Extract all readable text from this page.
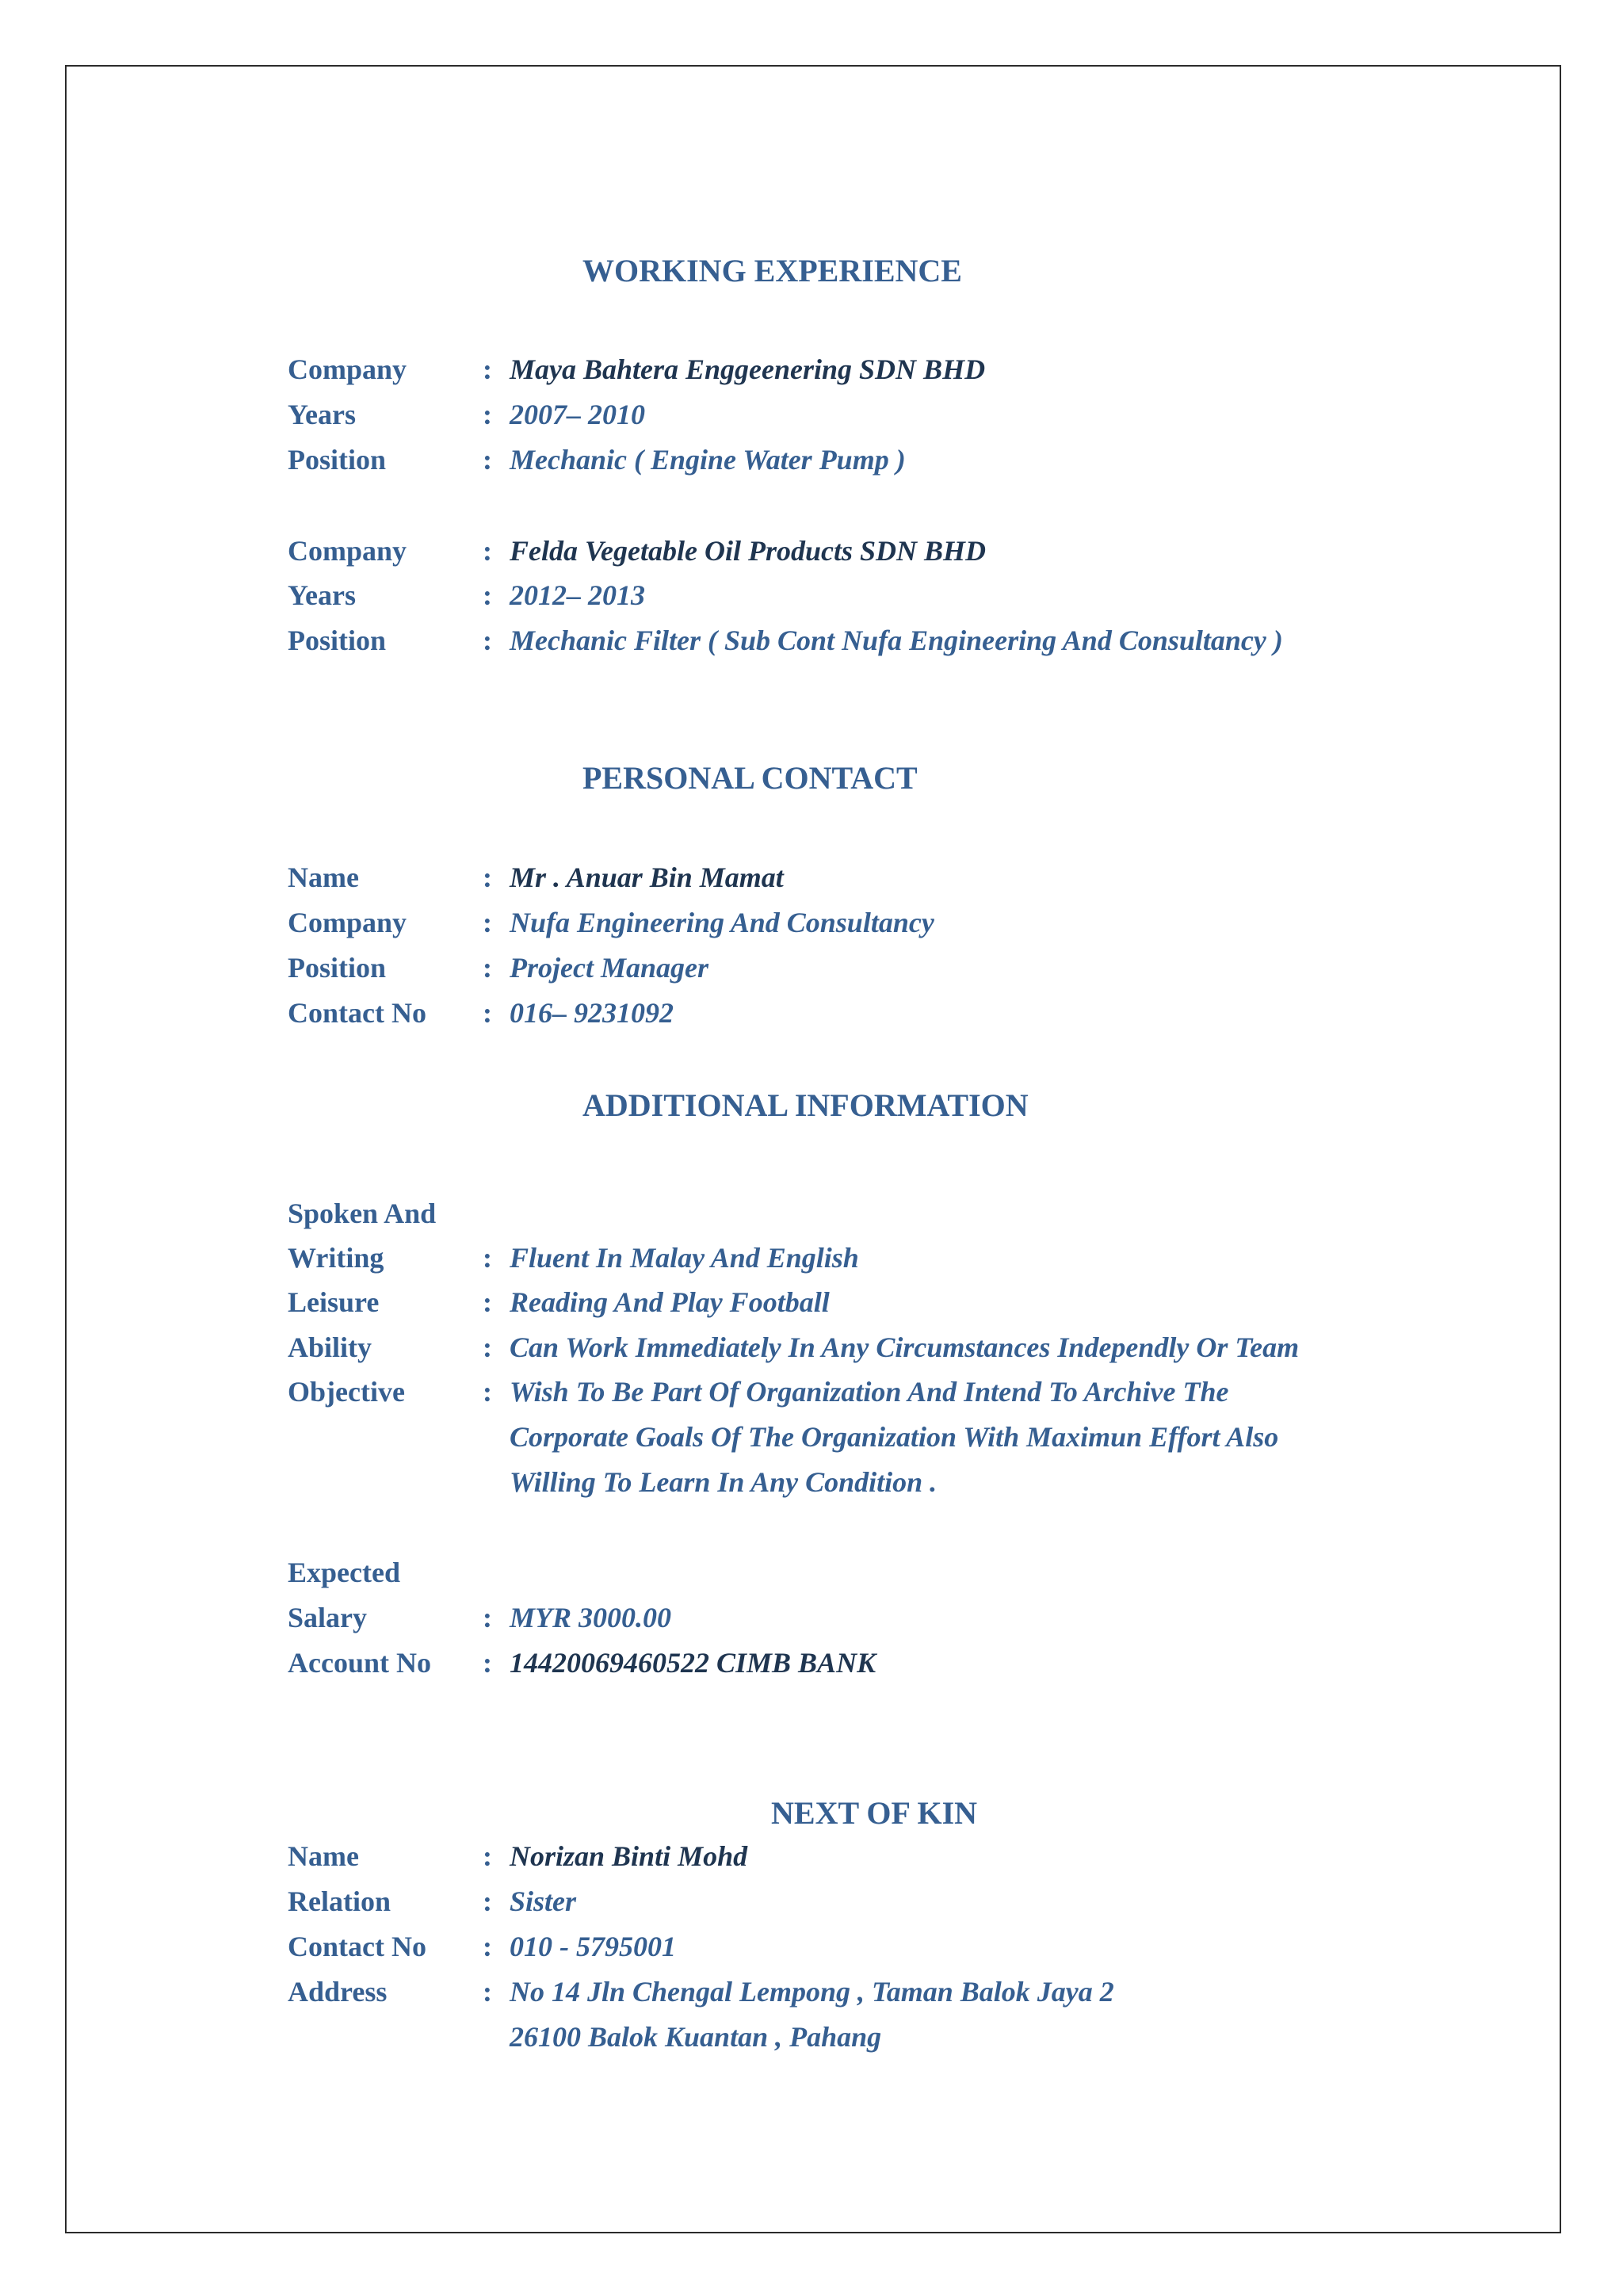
WORKING EXPERIENCE
Company	: Maya Bahtera Enggeenering SDN BHD
Years	: 2007– 2010
Position	: Mechanic ( Engine Water Pump )
Company	: Felda Vegetable Oil Products SDN BHD
Years	: 2012– 2013
Position	: Mechanic Filter ( Sub Cont Nufa Engineering And Consultancy )
PERSONAL CONTACT
Name	: Mr . Anuar Bin Mamat
Company	: Nufa Engineering And Consultancy
Position	: Project Manager
Contact No : 016– 9231092
ADDITIONAL INFORMATION
Spoken And
Writing	: Fluent In Malay And English
Leisure	: Reading And Play Football
Ability	: Can Work Immediately In Any Circumstances Independly Or Team
Objective	: Wish To Be Part Of Organization And Intend To Archive The
Corporate Goals Of The Organization With Maximun Effort Also
Willing To Learn In Any Condition .
Expected
Salary	: MYR 3000.00
Account No : 14420069460522 CIMB BANK
NEXT OF KIN
Name	: Norizan Binti Mohd
Relation	: Sister
Contact No : 010 - 5795001
Address	: No 14 Jln Chengal Lempong , Taman Balok Jaya 2
26100 Balok Kuantan , Pahang
